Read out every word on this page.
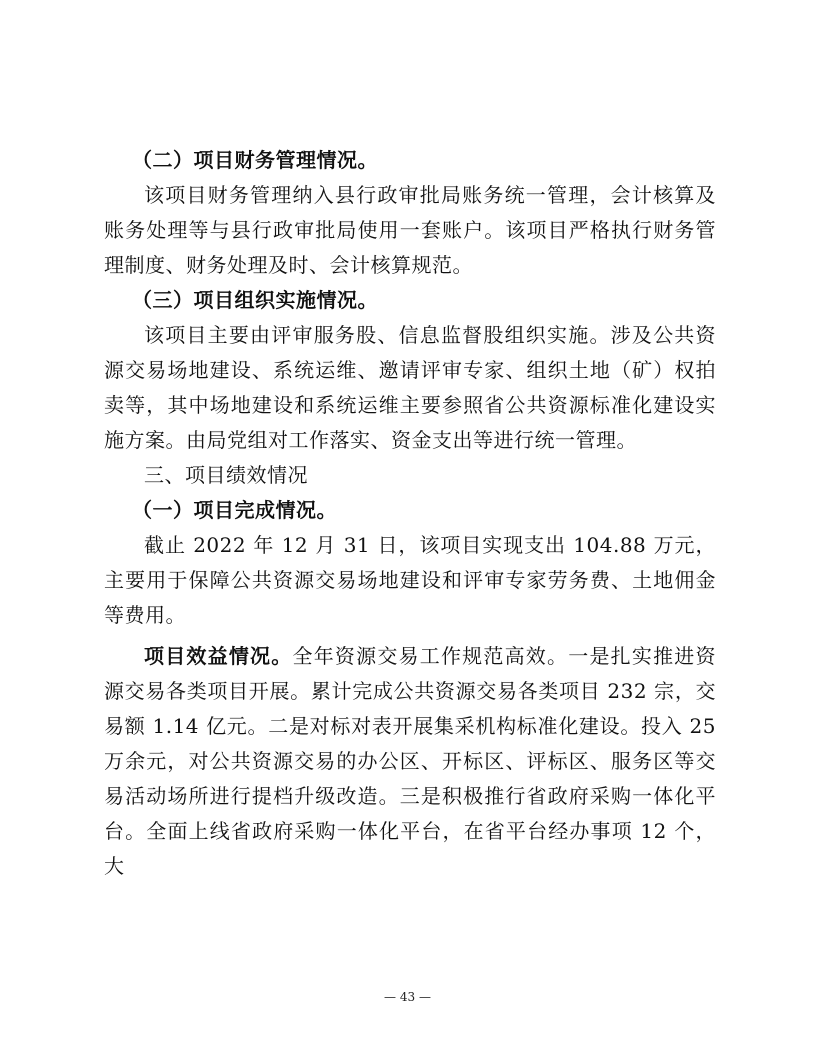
（二）项目财务管理情况。

该项目财务管理纳入县行政审批局账务统一管理，会计核算及账务处理等与县行政审批局使用一套账户。该项目严格执行财务管理制度、财务处理及时、会计核算规范。

（三）项目组织实施情况。

该项目主要由评审服务股、信息监督股组织实施。涉及公共资源交易场地建设、系统运维、邀请评审专家、组织土地（矿）权拍卖等，其中场地建设和系统运维主要参照省公共资源标准化建设实施方案。由局党组对工作落实、资金支出等进行统一管理。

三、项目绩效情况

（一）项目完成情况。

截止 2022 年 12 月 31 日，该项目实现支出 104.88 万元，主要用于保障公共资源交易场地建设和评审专家劳务费、土地佣金等费用。

项目效益情况。全年资源交易工作规范高效。一是扎实推进资源交易各类项目开展。累计完成公共资源交易各类项目 232 宗，交易额 1.14 亿元。二是对标对表开展集采机构标准化建设。投入 25 万余元，对公共资源交易的办公区、开标区、评标区、服务区等交易活动场所进行提档升级改造。三是积极推行省政府采购一体化平台。全面上线省政府采购一体化平台，在省平台经办事项 12 个，大

— 43 —
